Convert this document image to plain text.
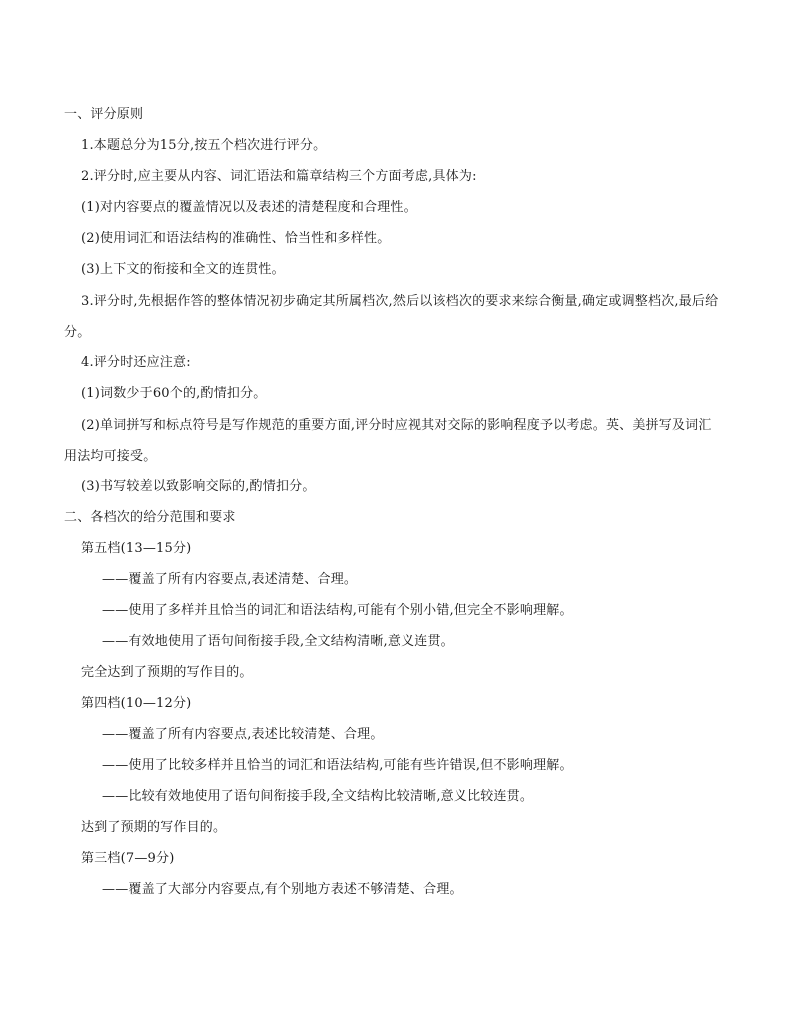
一、评分原则
1.本题总分为15分,按五个档次进行评分。
2.评分时,应主要从内容、词汇语法和篇章结构三个方面考虑,具体为:
(1)对内容要点的覆盖情况以及表述的清楚程度和合理性。
(2)使用词汇和语法结构的准确性、恰当性和多样性。
(3)上下文的衔接和全文的连贯性。
3.评分时,先根据作答的整体情况初步确定其所属档次,然后以该档次的要求来综合衡量,确定或调整档次,最后给分。
4.评分时还应注意:
(1)词数少于60个的,酌情扣分。
(2)单词拼写和标点符号是写作规范的重要方面,评分时应视其对交际的影响程度予以考虑。英、美拼写及词汇用法均可接受。
(3)书写较差以致影响交际的,酌情扣分。
二、各档次的给分范围和要求
第五档(13—15分)
——覆盖了所有内容要点,表述清楚、合理。
——使用了多样并且恰当的词汇和语法结构,可能有个别小错,但完全不影响理解。
——有效地使用了语句间衔接手段,全文结构清晰,意义连贯。
完全达到了预期的写作目的。
第四档(10—12分)
——覆盖了所有内容要点,表述比较清楚、合理。
——使用了比较多样并且恰当的词汇和语法结构,可能有些许错误,但不影响理解。
——比较有效地使用了语句间衔接手段,全文结构比较清晰,意义比较连贯。
达到了预期的写作目的。
第三档(7—9分)
——覆盖了大部分内容要点,有个别地方表述不够清楚、合理。
